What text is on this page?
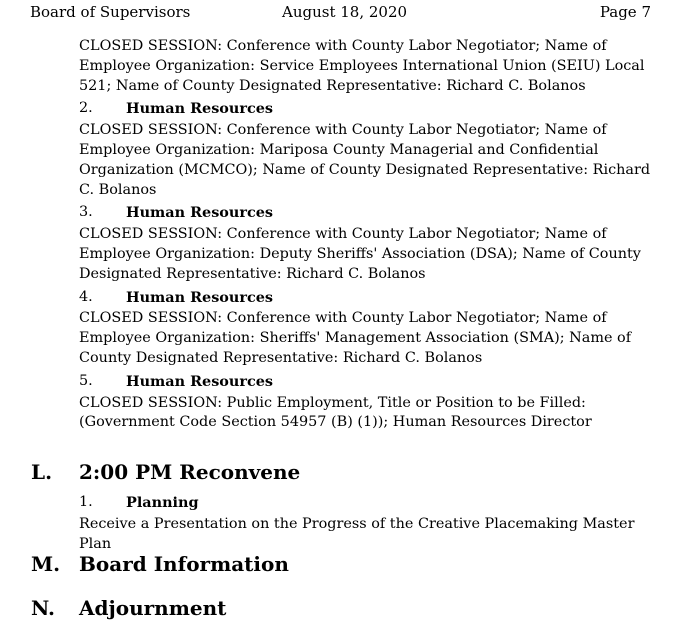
Board of Supervisors	August 18, 2020	Page 7

CLOSED SESSION: Conference with County Labor Negotiator; Name of Employee Organization: Service Employees International Union (SEIU) Local 521; Name of County Designated Representative: Richard C. Bolanos

2.	Human Resources

CLOSED SESSION: Conference with County Labor Negotiator; Name of Employee Organization: Mariposa County Managerial and Confidential Organization (MCMCO); Name of County Designated Representative: Richard C. Bolanos

3.	Human Resources

CLOSED SESSION: Conference with County Labor Negotiator; Name of Employee Organization: Deputy Sheriffs' Association (DSA); Name of County Designated Representative: Richard C. Bolanos

4.	Human Resources

CLOSED SESSION: Conference with County Labor Negotiator; Name of Employee Organization: Sheriffs' Management Association (SMA); Name of County Designated Representative: Richard C. Bolanos

5.	Human Resources

CLOSED SESSION: Public Employment, Title or Position to be Filled: (Government Code Section 54957 (B) (1)); Human Resources Director

L. 2:00 PM Reconvene
1.	Planning

Receive a Presentation on the Progress of the Creative Placemaking Master Plan

M. Board Information
N. Adjournment
